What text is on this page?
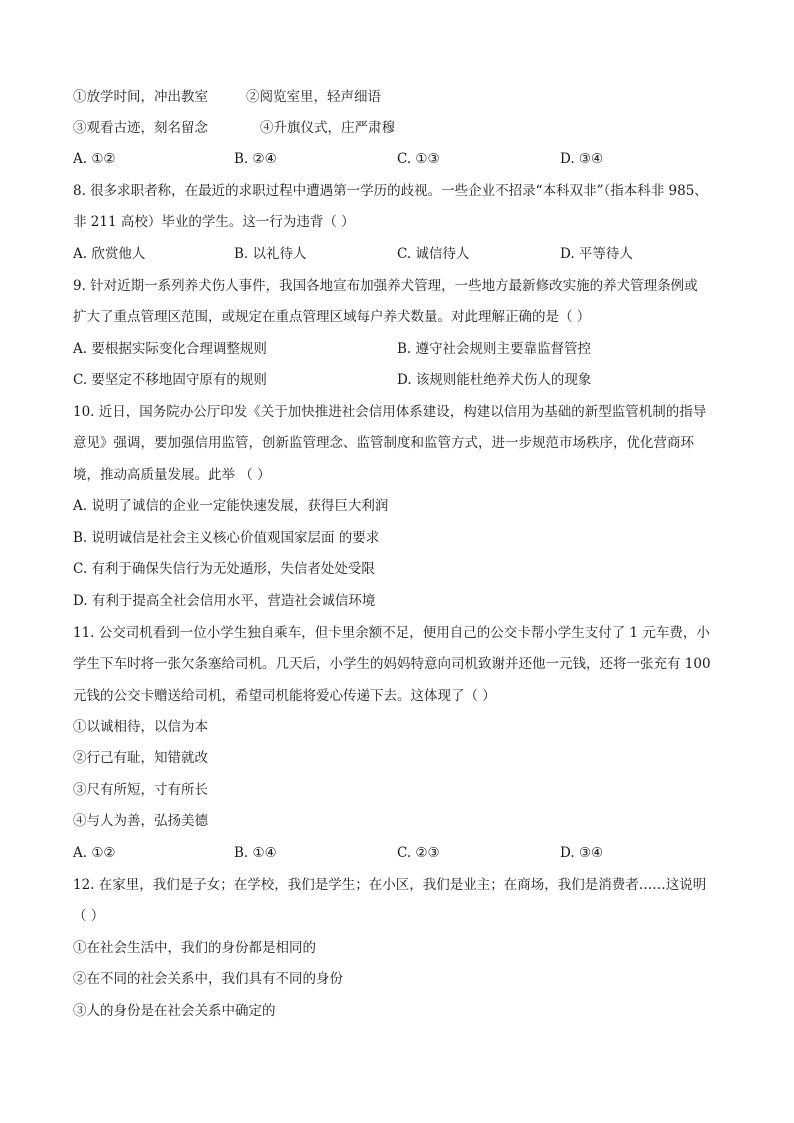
①放学时间，冲出教室	②阅览室里，轻声细语
③观看古迹，刻名留念	④升旗仪式，庄严肃穆
A. ①②	B. ②④	C. ①③	D. ③④
8. 很多求职者称，在最近的求职过程中遭遇第一学历的歧视。一些企业不招录“本科双非”（指本科非 985、
非 211 高校）毕业的学生。这一行为违背（ ）
A. 欣赏他人	B. 以礼待人	C. 诚信待人	D. 平等待人
9. 针对近期一系列养犬伤人事件，我国各地宣布加强养犬管理，一些地方最新修改实施的养犬管理条例或
扩大了重点管理区范围，或规定在重点管理区域每户养犬数量。对此理解正确的是（ ）
A. 要根据实际变化合理调整规则	B. 遵守社会规则主要靠监督管控
C. 要坚定不移地固守原有的规则	D. 该规则能杜绝养犬伤人的现象
10. 近日，国务院办公厅印发《关于加快推进社会信用体系建设，构建以信用为基础的新型监管机制的指导
意见》强调，要加强信用监管，创新监管理念、监管制度和监管方式，进一步规范市场秩序，优化营商环
境，推动高质量发展。此举 （ ）
A. 说明了诚信的企业一定能快速发展，获得巨大利润
B. 说明诚信是社会主义核心价值观国家层面 的要求
C. 有利于确保失信行为无处遁形，失信者处处受限
D. 有利于提高全社会信用水平，营造社会诚信环境
11. 公交司机看到一位小学生独自乘车，但卡里余额不足，便用自己的公交卡帮小学生支付了 1 元车费，小
学生下车时将一张欠条塞给司机。几天后，小学生的妈妈特意向司机致谢并还他一元钱，还将一张充有 100
元钱的公交卡赠送给司机，希望司机能将爱心传递下去。这体现了（ ）
①以诚相待，以信为本
②行己有耻，知错就改
③尺有所短，寸有所长
④与人为善，弘扬美德
A. ①②	B. ①④	C. ②③	D. ③④
12. 在家里，我们是子女；在学校，我们是学生；在小区，我们是业主；在商场，我们是消费者……这说明
（ ）
①在社会生活中，我们的身份都是相同的
②在不同的社会关系中，我们具有不同的身份
③人的身份是在社会关系中确定的
